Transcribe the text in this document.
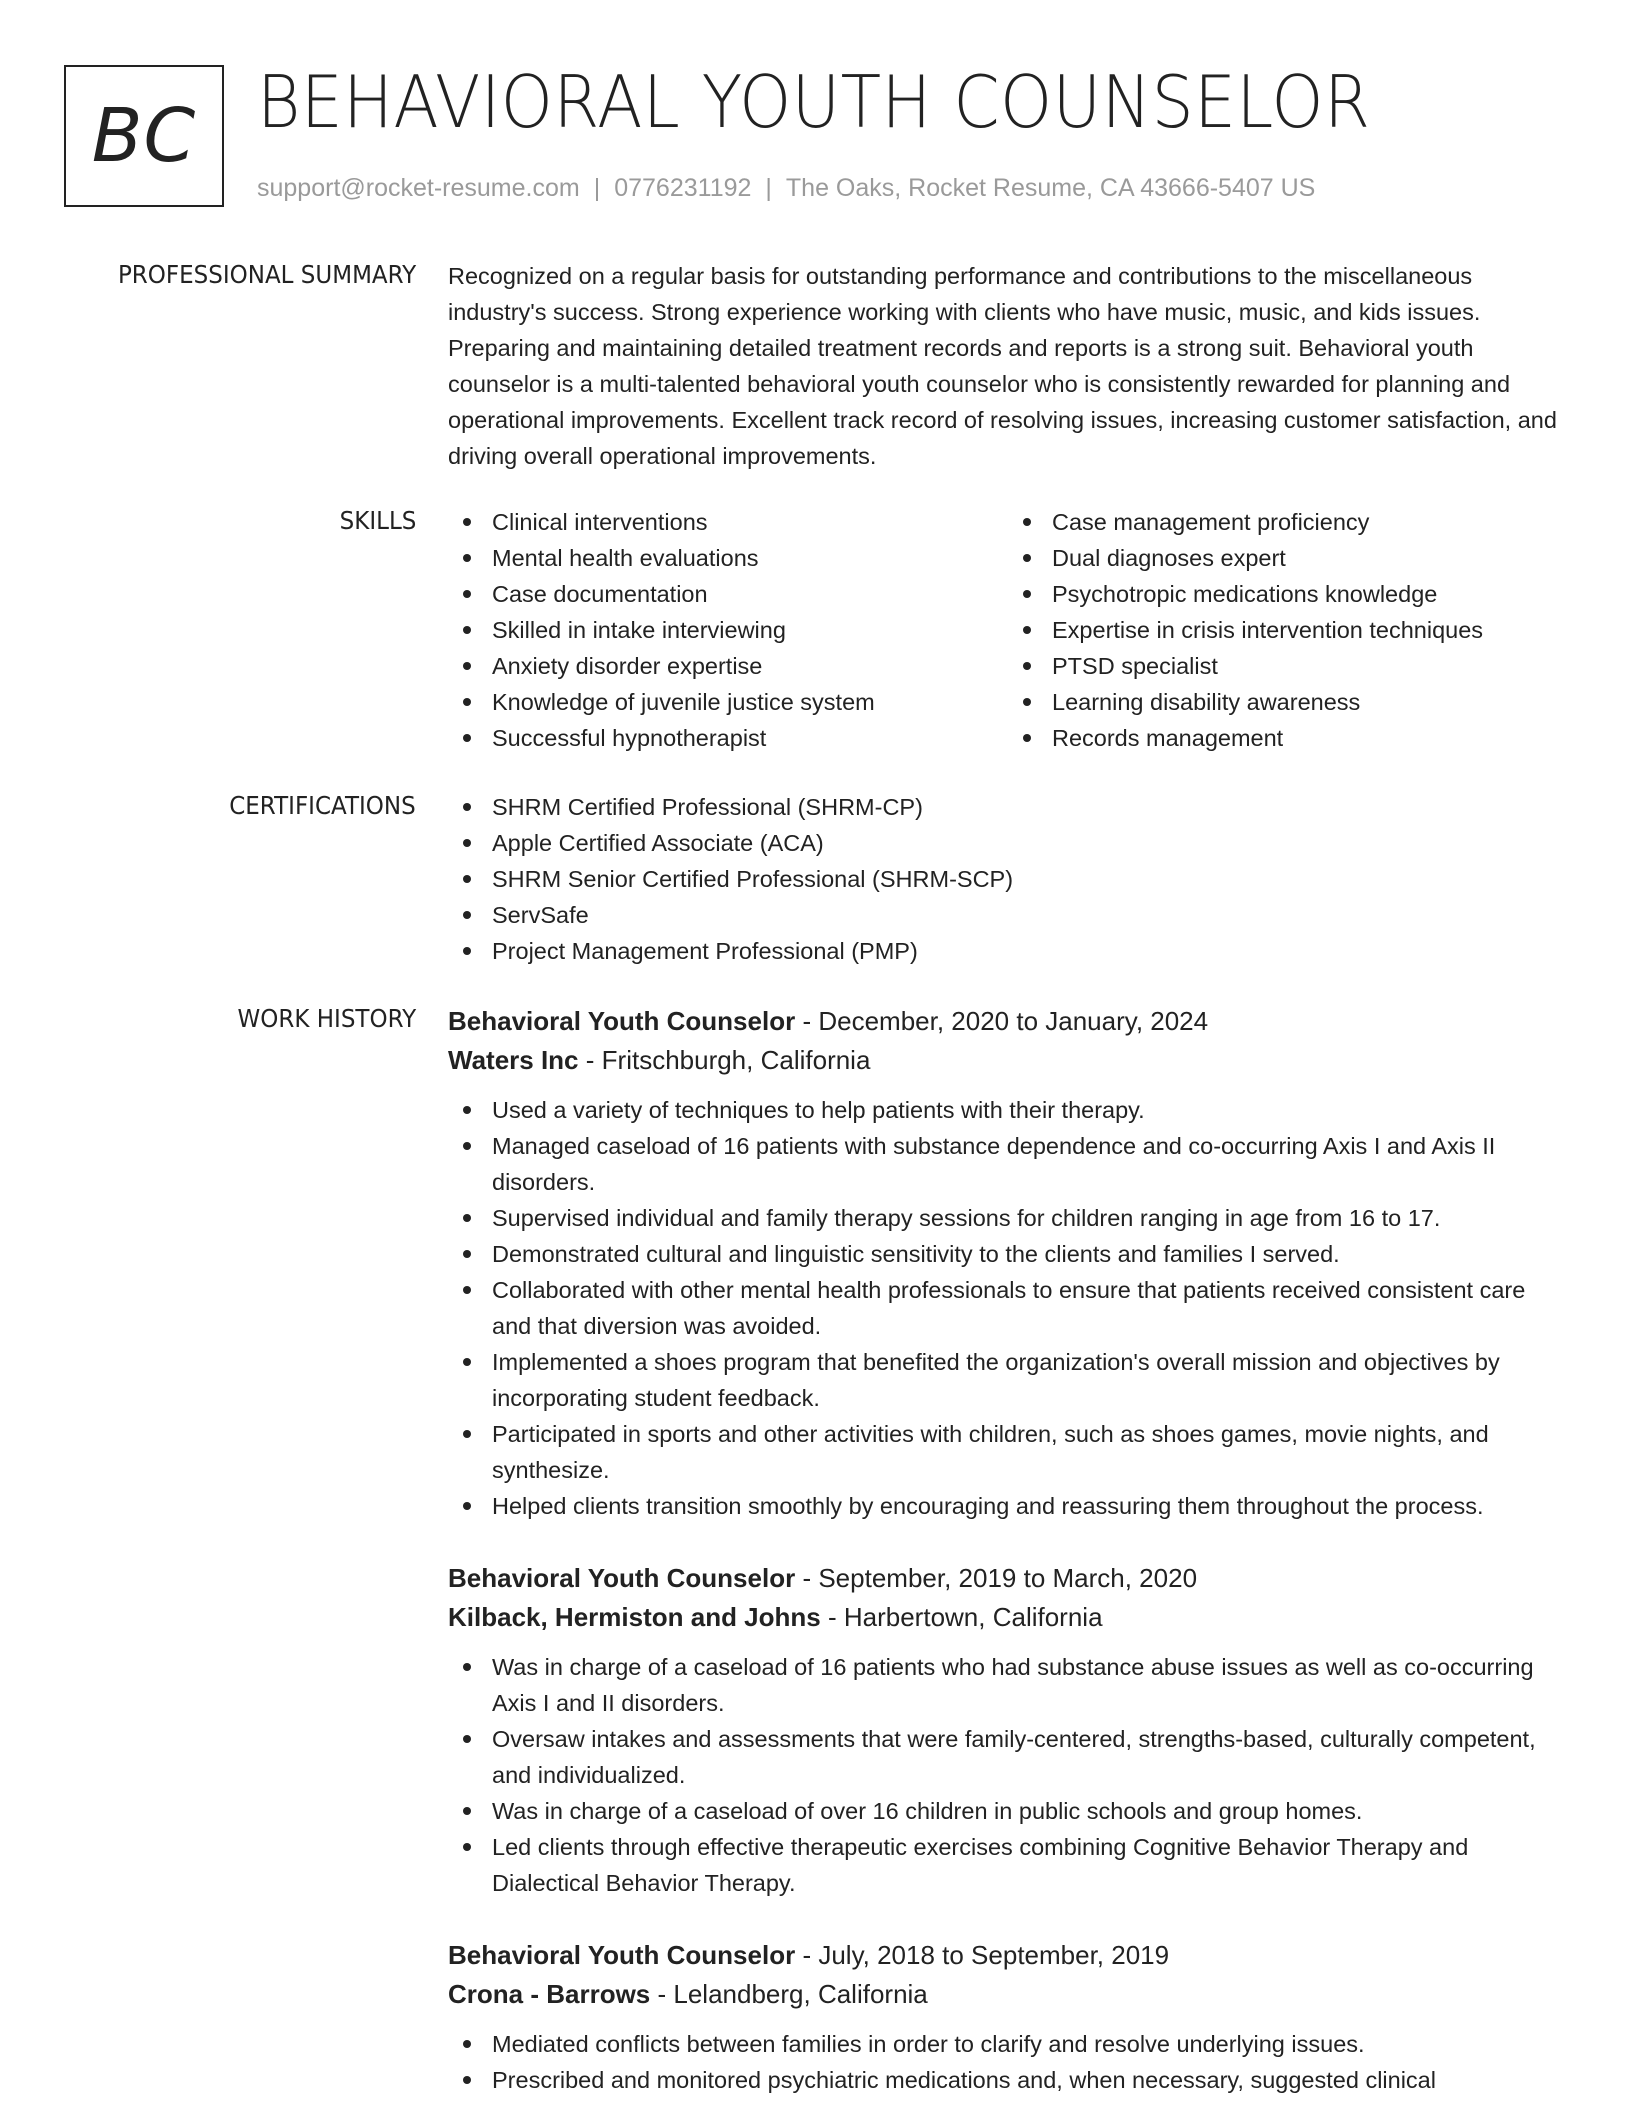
BC BEHAVIORAL YOUTH COUNSELOR
support@rocket-resume.com | 0776231192 | The Oaks, Rocket Resume, CA 43666-5407 US
PROFESSIONAL SUMMARY Recognized on a regular basis for outstanding performance and contributions to the miscellaneous industry's success. Strong experience working with clients who have music, music, and kids issues. Preparing and maintaining detailed treatment records and reports is a strong suit. Behavioral youth counselor is a multi-talented behavioral youth counselor who is consistently rewarded for planning and operational improvements. Excellent track record of resolving issues, increasing customer satisfaction, and driving overall operational improvements.

SKILLS	Clinical interventions
Mental health evaluations
Case documentation
Skilled in intake interviewing
Anxiety disorder expertise
Knowledge of juvenile justice system
Successful hypnotherapist
Case management proficiency
Dual diagnoses expert
Psychotropic medications knowledge
Expertise in crisis intervention techniques
PTSD specialist
Learning disability awareness
Records management
CERTIFICATIONS	SHRM Certified Professional (SHRM-CP)
Apple Certified Associate (ACA)
SHRM Senior Certified Professional (SHRM-SCP)
ServSafe
Project Management Professional (PMP)
WORK HISTORY Behavioral Youth Counselor - December, 2020 to January, 2024
Waters Inc - Fritschburgh, California
Used a variety of techniques to help patients with their therapy.
Managed caseload of 16 patients with substance dependence and co-occurring Axis I and Axis II disorders.
Supervised individual and family therapy sessions for children ranging in age from 16 to 17.
Demonstrated cultural and linguistic sensitivity to the clients and families I served.
Collaborated with other mental health professionals to ensure that patients received consistent care and that diversion was avoided.
Implemented a shoes program that benefited the organization's overall mission and objectives by incorporating student feedback.
Participated in sports and other activities with children, such as shoes games, movie nights, and synthesize.
Helped clients transition smoothly by encouraging and reassuring them throughout the process.
Behavioral Youth Counselor - September, 2019 to March, 2020
Kilback, Hermiston and Johns - Harbertown, California
Was in charge of a caseload of 16 patients who had substance abuse issues as well as co-occurring Axis I and II disorders.
Oversaw intakes and assessments that were family-centered, strengths-based, culturally competent, and individualized.
Was in charge of a caseload of over 16 children in public schools and group homes.
Led clients through effective therapeutic exercises combining Cognitive Behavior Therapy and Dialectical Behavior Therapy.
Behavioral Youth Counselor - July, 2018 to September, 2019
Crona - Barrows - Lelandberg, California
Mediated conflicts between families in order to clarify and resolve underlying issues.
Prescribed and monitored psychiatric medications and, when necessary, suggested clinical
